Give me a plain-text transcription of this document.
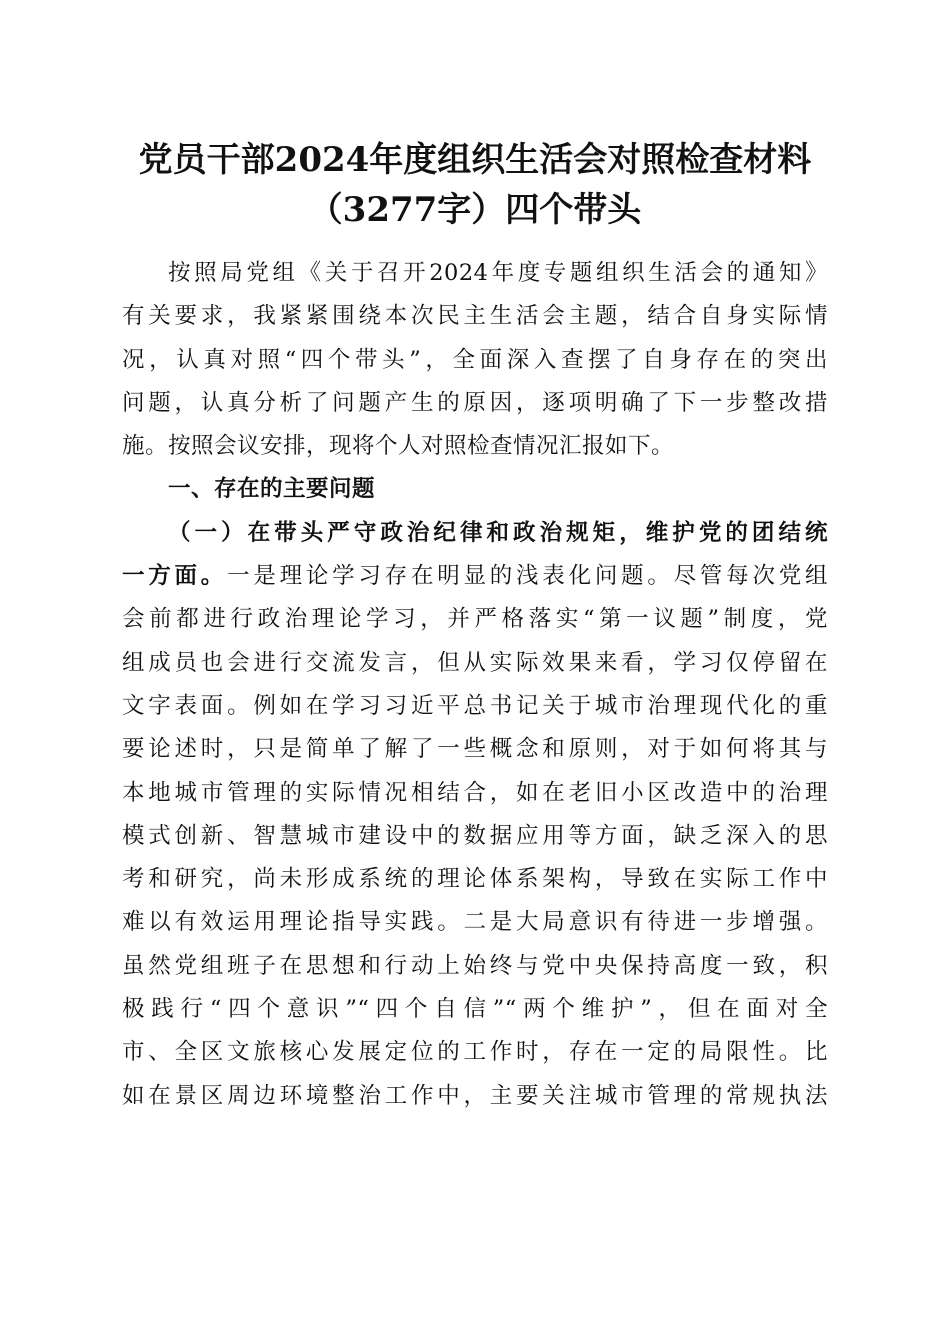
党员干部2024年度组织生活会对照检查材料
（3277字）四个带头
按照局党组《关于召开2024年度专题组织生活会的通知》
有关要求，我紧紧围绕本次民主生活会主题，结合自身实际情
况，认真对照“四个带头”，全面深入查摆了自身存在的突出
问题，认真分析了问题产生的原因，逐项明确了下一步整改措
施。按照会议安排，现将个人对照检查情况汇报如下。
一、存在的主要问题
（一）在带头严守政治纪律和政治规矩，维护党的团结统
一方面。一是理论学习存在明显的浅表化问题。尽管每次党组
会前都进行政治理论学习，并严格落实“第一议题”制度，党
组成员也会进行交流发言，但从实际效果来看，学习仅停留在
文字表面。例如在学习习近平总书记关于城市治理现代化的重
要论述时，只是简单了解了一些概念和原则，对于如何将其与
本地城市管理的实际情况相结合，如在老旧小区改造中的治理
模式创新、智慧城市建设中的数据应用等方面，缺乏深入的思
考和研究，尚未形成系统的理论体系架构，导致在实际工作中
难以有效运用理论指导实践。二是大局意识有待进一步增强。
虽然党组班子在思想和行动上始终与党中央保持高度一致，积
极践行“四个意识”“四个自信”“两个维护”，但在面对全
市、全区文旅核心发展定位的工作时，存在一定的局限性。比
如在景区周边环境整治工作中，主要关注城市管理的常规执法
